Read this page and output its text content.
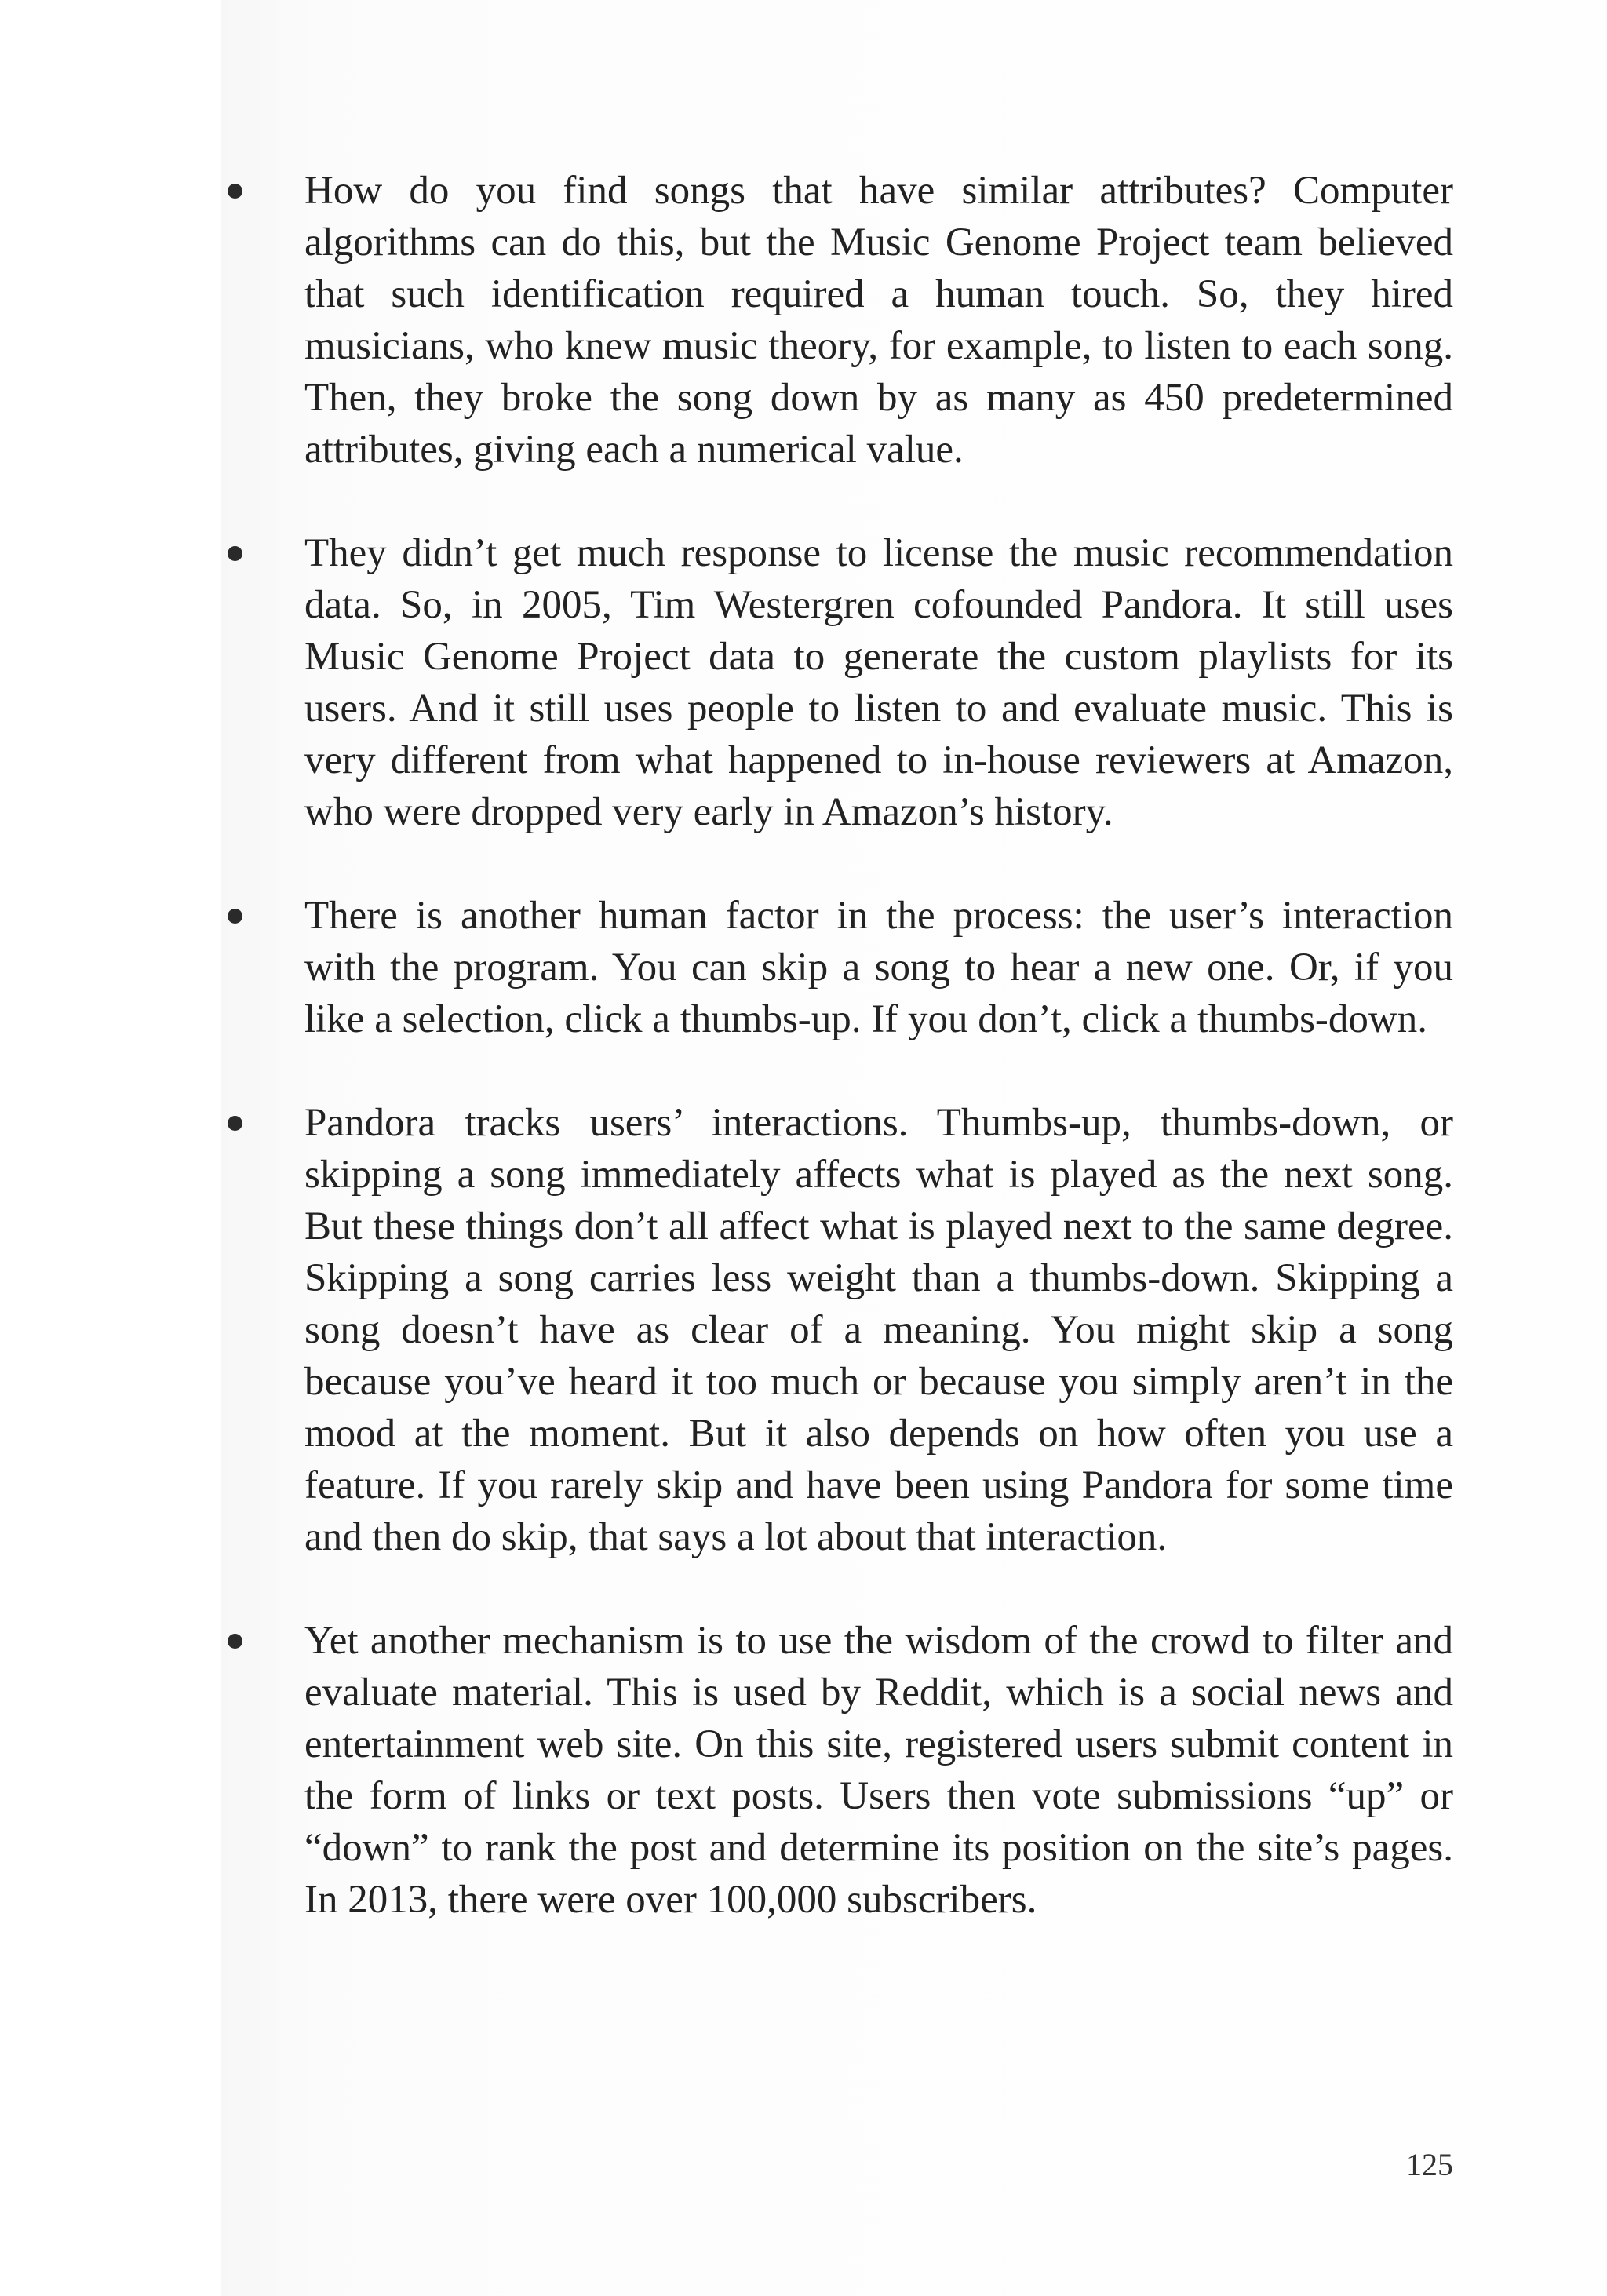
How do you find songs that have similar attributes? Computer algorithms can do this, but the Music Genome Project team believed that such identification required a human touch. So, they hired musicians, who knew music theory, for example, to listen to each song. Then, they broke the song down by as many as 450 predetermined attributes, giving each a numerical value.

They didn’t get much response to license the music recommendation data. So, in 2005, Tim Westergren cofounded Pandora. It still uses Music Genome Project data to generate the custom playlists for its users. And it still uses people to listen to and evaluate music. This is very different from what happened to in-house reviewers at Amazon, who were dropped very early in Amazon’s history.

There is another human factor in the process: the user’s interaction with the program. You can skip a song to hear a new one. Or, if you like a selection, click a thumbs-up. If you don’t, click a thumbs-down.

Pandora tracks users’ interactions. Thumbs-up, thumbs-down, or skipping a song immediately affects what is played as the next song. But these things don’t all affect what is played next to the same degree. Skipping a song carries less weight than a thumbs-down. Skipping a song doesn’t have as clear of a meaning. You might skip a song because you’ve heard it too much or because you simply aren’t in the mood at the moment. But it also depends on how often you use a feature. If you rarely skip and have been using Pandora for some time and then do skip, that says a lot about that interaction.

Yet another mechanism is to use the wisdom of the crowd to filter and evaluate material. This is used by Reddit, which is a social news and entertainment web site. On this site, registered users submit content in the form of links or text posts. Users then vote submissions “up” or “down” to rank the post and determine its position on the site’s pages. In 2013, there were over 100,000 subscribers.

125
